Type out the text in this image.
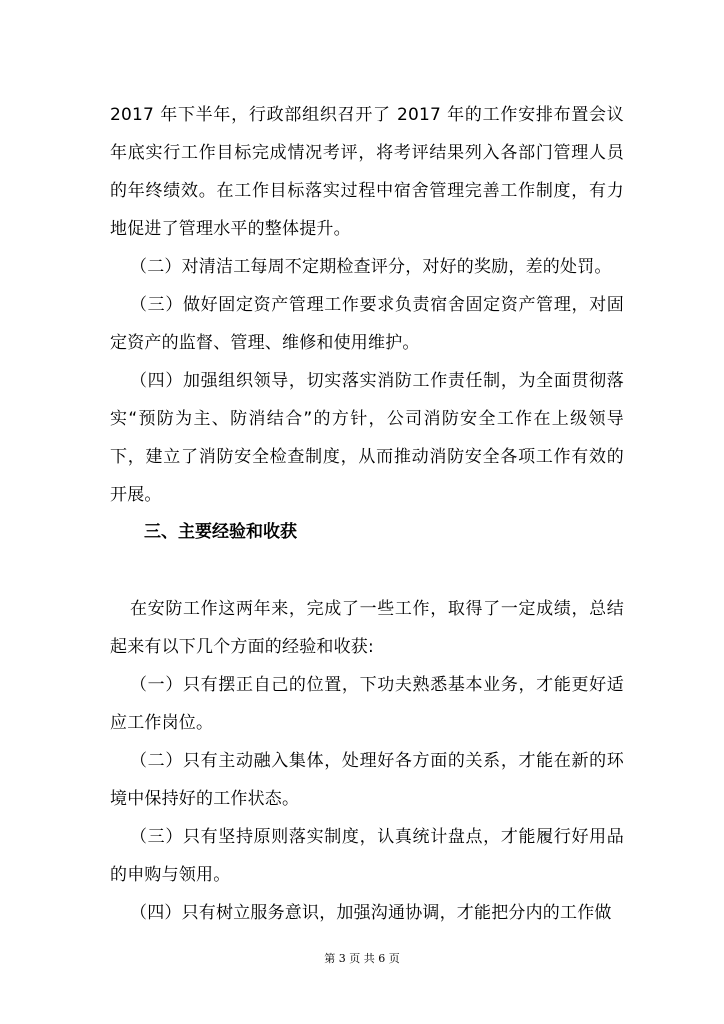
2017 年下半年，行政部组织召开了 2017 年的工作安排布置会议年底实行工作目标完成情况考评，将考评结果列入各部门管理人员的年终绩效。在工作目标落实过程中宿舍管理完善工作制度，有力地促进了管理水平的整体提升。

（二）对清洁工每周不定期检查评分，对好的奖励，差的处罚。

（三）做好固定资产管理工作要求负责宿舍固定资产管理，对固定资产的监督、管理、维修和使用维护。

（四）加强组织领导，切实落实消防工作责任制，为全面贯彻落实“预防为主、防消结合”的方针，公司消防安全工作在上级领导下，建立了消防安全检查制度，从而推动消防安全各项工作有效的开展。

三、主要经验和收获

在安防工作这两年来，完成了一些工作，取得了一定成绩，总结起来有以下几个方面的经验和收获:

（一）只有摆正自己的位置，下功夫熟悉基本业务，才能更好适应工作岗位。

（二）只有主动融入集体，处理好各方面的关系，才能在新的环境中保持好的工作状态。

（三）只有坚持原则落实制度，认真统计盘点，才能履行好用品的申购与领用。

（四）只有树立服务意识，加强沟通协调，才能把分内的工作做

第 3 页 共 6 页
